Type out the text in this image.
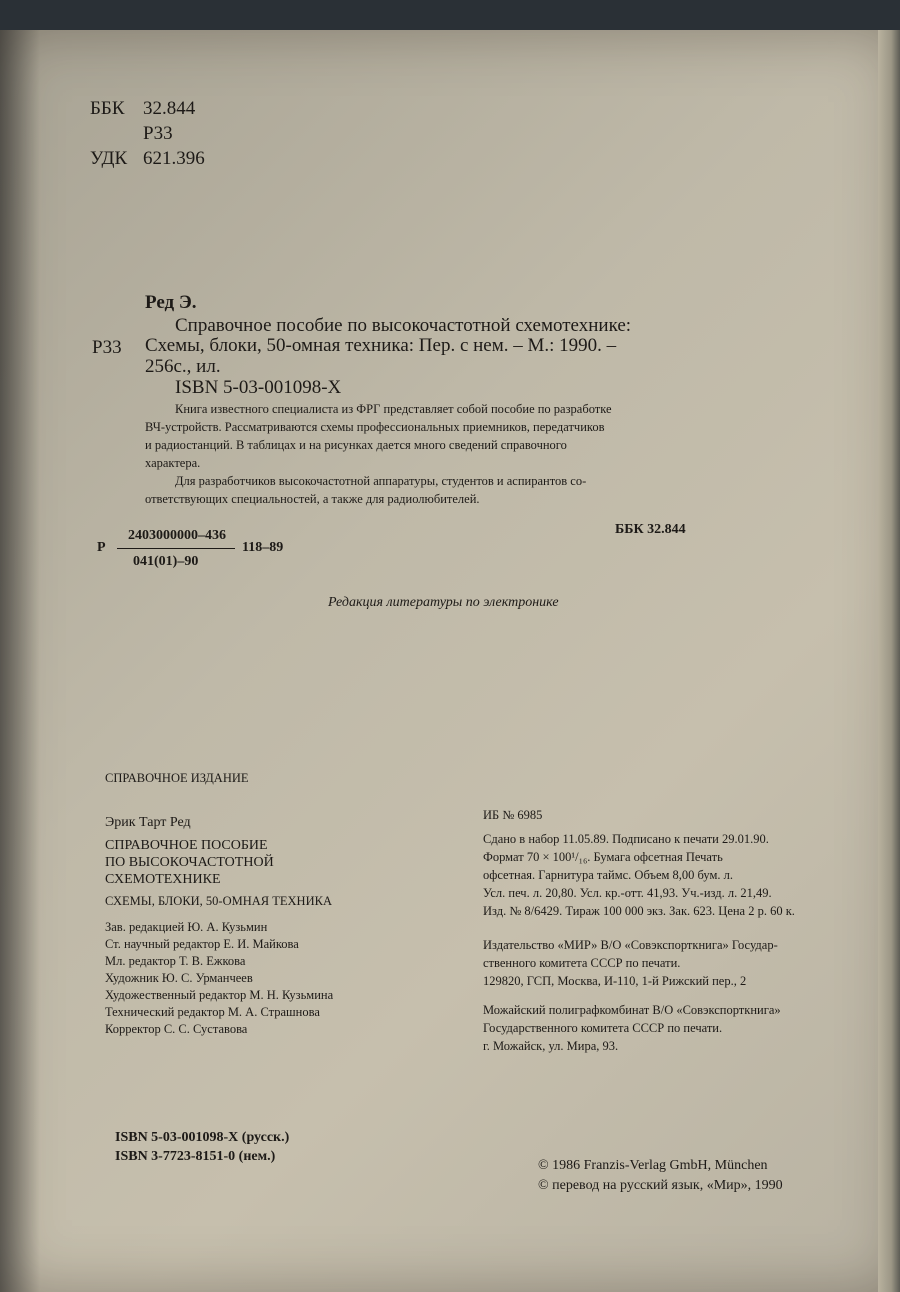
ББК 32.844
Р33
УДК 621.396
Ред Э.
Справочное пособие по высокочастотной схемотехнике:
Р33 Схемы, блоки, 50-омная техника: Пер. с нем. – М.: 1990. –
256с., ил.
ISBN 5-03-001098-Х
Книга известного специалиста из ФРГ представляет собой пособие по разработке
ВЧ-устройств. Рассматриваются схемы профессиональных приемников, передатчиков
и радиостанций. В таблицах и на рисунках дается много сведений справочного
характера.
Для разработчиков высокочастотной аппаратуры, студентов и аспирантов со-
ответствующих специальностей, а также для радиолюбителей.
Р
2403000000–436
041(01)–90
118–89
ББК 32.844
Редакция литературы по электронике
СПРАВОЧНОЕ ИЗДАНИЕ
Эрик Тарт Ред
СПРАВОЧНОЕ ПОСОБИЕ
ПО ВЫСОКОЧАСТОТНОЙ
СХЕМОТЕХНИКЕ
СХЕМЫ, БЛОКИ, 50-ОМНАЯ ТЕХНИКА
Зав. редакцией Ю. А. Кузьмин
Ст. научный редактор Е. И. Майкова
Мл. редактор Т. В. Ежкова
Художник Ю. С. Урманчеев
Художественный редактор М. Н. Кузьмина
Технический редактор М. А. Страшнова
Корректор С. С. Суставова
ИБ № 6985
Сдано в набор 11.05.89. Подписано к печати 29.01.90.
Формат 70 × 100¹/₁₆. Бумага офсетная Печать
офсетная. Гарнитура таймс. Объем 8,00 бум. л.
Усл. печ. л. 20,80. Усл. кр.-отт. 41,93. Уч.-изд. л. 21,49.
Изд. № 8/6429. Тираж 100 000 экз. Зак. 623. Цена 2 р. 60 к.
Издательство «МИР» В/О «Совэкспорткнига» Государ-
ственного комитета СССР по печати.
129820, ГСП, Москва, И-110, 1-й Рижский пер., 2
Можайский полиграфкомбинат В/О «Совэкспорткнига»
Государственного комитета СССР по печати.
г. Можайск, ул. Мира, 93.
ISBN 5-03-001098-Х (русск.)
ISBN 3-7723-8151-0 (нем.)
© 1986 Franzis-Verlag GmbH, München
© перевод на русский язык, «Мир», 1990
